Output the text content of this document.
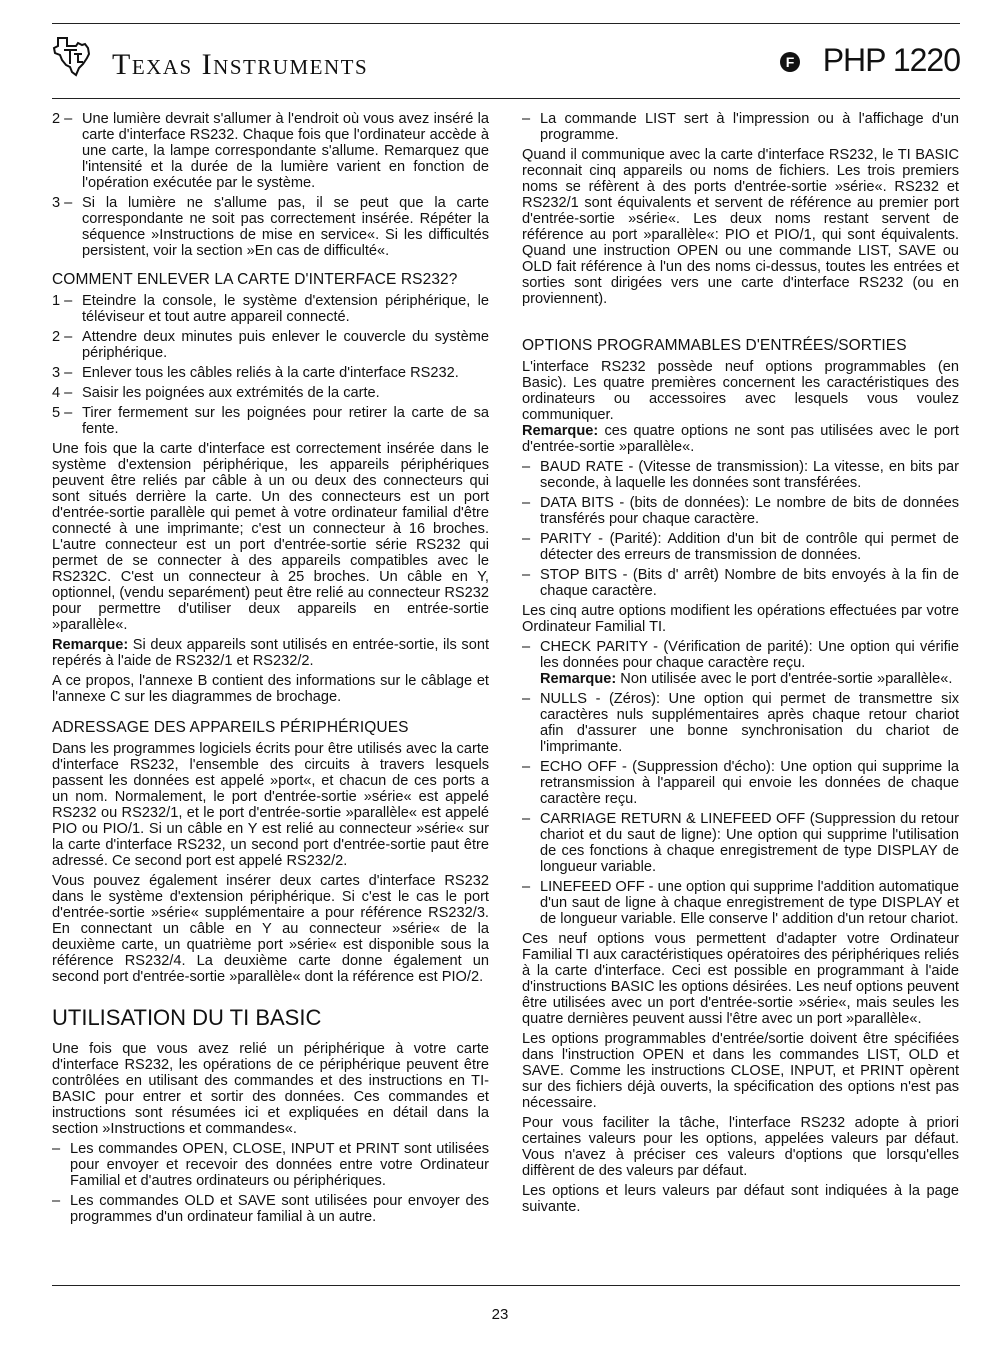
Texas Instruments	F PHP 1220
2 – Une lumière devrait s'allumer à l'endroit où vous avez inséré la carte d'interface RS232. Chaque fois que l'ordinateur accède à une carte, la lampe correspondante s'allume. Remarquez que l'intensité et la durée de la lumière varient en fonction de l'opération exécutée par le système.
3 – Si la lumière ne s'allume pas, il se peut que la carte correspondante ne soit pas correctement insérée. Répéter la séquence »Instructions de mise en service«. Si les difficultés persistent, voir la section »En cas de difficulté«.
COMMENT ENLEVER LA CARTE D'INTERFACE RS232?
1 – Eteindre la console, le système d'extension périphérique, le téléviseur et tout autre appareil connecté.
2 – Attendre deux minutes puis enlever le couvercle du système périphérique.
3 – Enlever tous les câbles reliés à la carte d'interface RS232.
4 – Saisir les poignées aux extrémités de la carte.
5 – Tirer fermement sur les poignées pour retirer la carte de sa fente.

Une fois que la carte d'interface est correctement insérée dans le système d'extension périphérique, les appareils périphériques peuvent être reliés par câble à un ou deux des connecteurs qui sont situés derrière la carte. Un des connecteurs est un port d'entrée-sortie parallèle qui pemet à votre ordinateur familial d'être connecté à une imprimante; c'est un connecteur à 16 broches. L'autre connecteur est un port d'entrée-sortie série RS232 qui permet de se connecter à des appareils compatibles avec le RS232C. C'est un connecteur à 25 broches. Un câble en Y, optionnel, (vendu separément) peut être relié au connecteur RS232 pour permettre d'utiliser deux appareils en entrée-sortie »parallèle«.

Remarque: Si deux appareils sont utilisés en entrée-sortie, ils sont repérés à l'aide de RS232/1 et RS232/2.

A ce propos, l'annexe B contient des informations sur le câblage et l'annexe C sur les diagrammes de brochage.

ADRESSAGE DES APPAREILS PÉRIPHÉRIQUES

Dans les programmes logiciels écrits pour être utilisés avec la carte d'interface RS232, l'ensemble des circuits à travers lesquels passent les données est appelé »port«, et chacun de ces ports a un nom. Normalement, le port d'entrée-sortie »série« est appelé RS232 ou RS232/1, et le port d'entrée-sortie »parallèle« est appelé PIO ou PIO/1. Si un câble en Y est relié au connecteur »série« sur la carte d'interface RS232, un second port d'entrée-sortie paut être adressé. Ce second port est appelé RS232/2.

Vous pouvez également insérer deux cartes d'interface RS232 dans le système d'extension périphérique. Si c'est le cas le port d'entrée-sortie »série« supplémentaire a pour référence RS232/3. En connectant un câble en Y au connecteur »série« de la deuxième carte, un quatrième port »série« est disponible sous la référence RS232/4. La deuxième carte donne également un second port d'entrée-sortie »parallèle« dont la référence est PIO/2.

UTILISATION DU TI BASIC

Une fois que vous avez relié un périphérique à votre carte d'interface RS232, les opérations de ce périphérique peuvent être contrôlées en utilisant des commandes et des instructions en TI-BASIC pour entrer et sortir des données. Ces commandes et instructions sont résumées ici et expliquées en détail dans la section »Instructions et commandes«.

– Les commandes OPEN, CLOSE, INPUT et PRINT sont utilisées pour envoyer et recevoir des données entre votre Ordinateur Familial et d'autres ordinateurs ou périphériques.
– Les commandes OLD et SAVE sont utilisées pour envoyer des programmes d'un ordinateur familial à un autre.
– La commande LIST sert à l'impression ou à l'affichage d'un programme.

Quand il communique avec la carte d'interface RS232, le TI BASIC reconnait cinq appareils ou noms de fichiers. Les trois premiers noms se réfèrent à des ports d'entrée-sortie »série«. RS232 et RS232/1 sont équivalents et servent de référence au premier port d'entrée-sortie »série«. Les deux noms restant servent de référence au port »parallèle«: PIO et PIO/1, qui sont équivalents. Quand une instruction OPEN ou une commande LIST, SAVE ou OLD fait référence à l'un des noms ci-dessus, toutes les entrées et sorties sont dirigées vers une carte d'interface RS232 (ou en proviennent).

OPTIONS PROGRAMMABLES D'ENTRÉES/SORTIES

L'interface RS232 possède neuf options programmables (en Basic). Les quatre premières concernent les caractéristiques des ordinateurs ou accessoires avec lesquels vous voulez communiquer.

Remarque: ces quatre options ne sont pas utilisées avec le port d'entrée-sortie »parallèle«.

– BAUD RATE - (Vitesse de transmission): La vitesse, en bits par seconde, à laquelle les données sont transférées.
– DATA BITS - (bits de données): Le nombre de bits de données transférés pour chaque caractère.
– PARITY - (Parité): Addition d'un bit de contrôle qui permet de détecter des erreurs de transmission de données.
– STOP BITS - (Bits d' arrêt) Nombre de bits envoyés à la fin de chaque caractère.

Les cinq autre options modifient les opérations effectuées par votre Ordinateur Familial TI.

– CHECK PARITY - (Vérification de parité): Une option qui vérifie les données pour chaque caractère reçu.
Remarque: Non utilisée avec le port d'entrée-sortie »parallèle«.
– NULLS - (Zéros): Une option qui permet de transmettre six caractères nuls supplémentaires après chaque retour chariot afin d'assurer une bonne synchronisation du chariot de l'imprimante.
– ECHO OFF - (Suppression d'écho): Une option qui supprime la retransmission à l'appareil qui envoie les données de chaque caractère reçu.
– CARRIAGE RETURN & LINEFEED OFF (Suppression du retour chariot et du saut de ligne): Une option qui supprime l'utilisation de ces fonctions à chaque enregistrement de type DISPLAY de longueur variable.
– LINEFEED OFF - une option qui supprime l'addition automatique d'un saut de ligne à chaque enregistrement de type DISPLAY et de longueur variable. Elle conserve l' addition d'un retour chariot.

Ces neuf options vous permettent d'adapter votre Ordinateur Familial TI aux caractéristiques opératoires des périphériques reliés à la carte d'interface. Ceci est possible en programmant à l'aide d'instructions BASIC les options désirées. Les neuf options peuvent être utilisées avec un port d'entrée-sortie »série«, mais seules les quatre dernières peuvent aussi l'être avec un port »parallèle«.

Les options programmables d'entrée/sortie doivent être spécifiées dans l'instruction OPEN et dans les commandes LIST, OLD et SAVE. Comme les instructions CLOSE, INPUT, et PRINT opèrent sur des fichiers déjà ouverts, la spécification des options n'est pas nécessaire.

Pour vous faciliter la tâche, l'interface RS232 adopte à priori certaines valeurs pour les options, appelées valeurs par défaut. Vous n'avez à préciser ces valeurs d'options que lorsqu'elles diffèrent de des valeurs par défaut.

Les options et leurs valeurs par défaut sont indiquées à la page suivante.

23
